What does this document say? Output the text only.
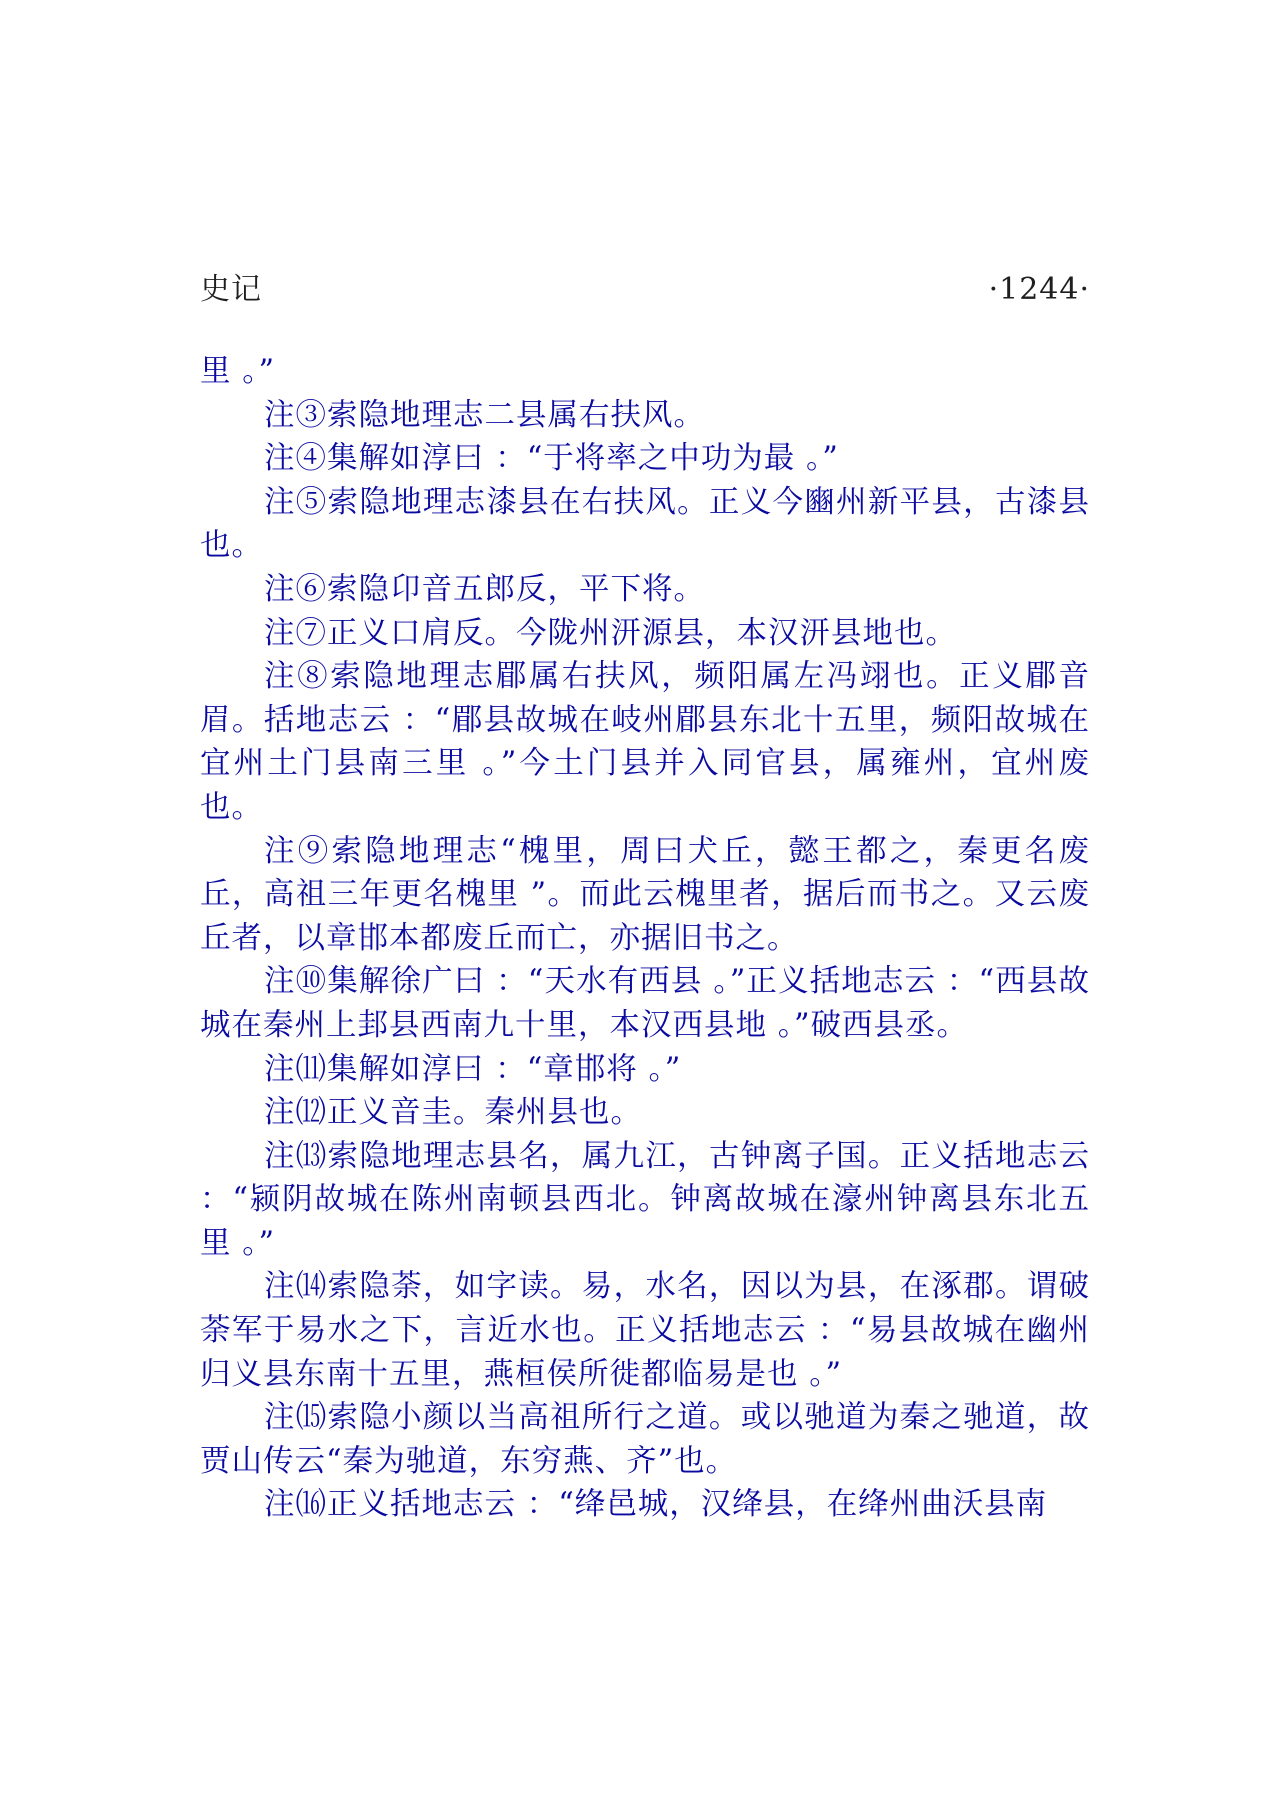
史记	·1244·

里 。”

注③索隐地理志二县属右扶风。

注④集解如淳曰 ：“于将率之中功为最 。”

注⑤索隐地理志漆县在右扶风。正义今豳州新平县，古漆县也。

注⑥索隐卬音五郎反，平下将。

注⑦正义口肩反。今陇州汧源县，本汉汧县地也。

注⑧索隐地理志郿属右扶风，频阳属左冯翊也。正义郿音眉。括地志云 ：“郿县故城在岐州郿县东北十五里，频阳故城在宜州土门县南三里 。”今土门县并入同官县，属雍州，宜州废也。

注⑨索隐地理志“槐里，周曰犬丘，懿王都之，秦更名废丘，高祖三年更名槐里 ”。而此云槐里者，据后而书之。又云废丘者，以章邯本都废丘而亡，亦据旧书之。

注⑩集解徐广曰 ：“天水有西县 。”正义括地志云 ：“西县故城在秦州上邽县西南九十里，本汉西县地 。”破西县丞。

注⑾集解如淳曰 ：“章邯将 。”

注⑿正义音圭。秦州县也。

注⒀索隐地理志县名，属九江，古钟离子国。正义括地志云 ：“颍阴故城在陈州南顿县西北。钟离故城在濠州钟离县东北五里 。”

注⒁索隐荼，如字读。易，水名，因以为县，在涿郡。谓破荼军于易水之下，言近水也。正义括地志云 ：“易县故城在幽州归义县东南十五里，燕桓侯所徙都临易是也 。”

注⒂索隐小颜以当高祖所行之道。或以驰道为秦之驰道，故贾山传云“秦为驰道，东穷燕、齐”也。

注⒃正义括地志云 ：“绛邑城，汉绛县，在绛州曲沃县南
